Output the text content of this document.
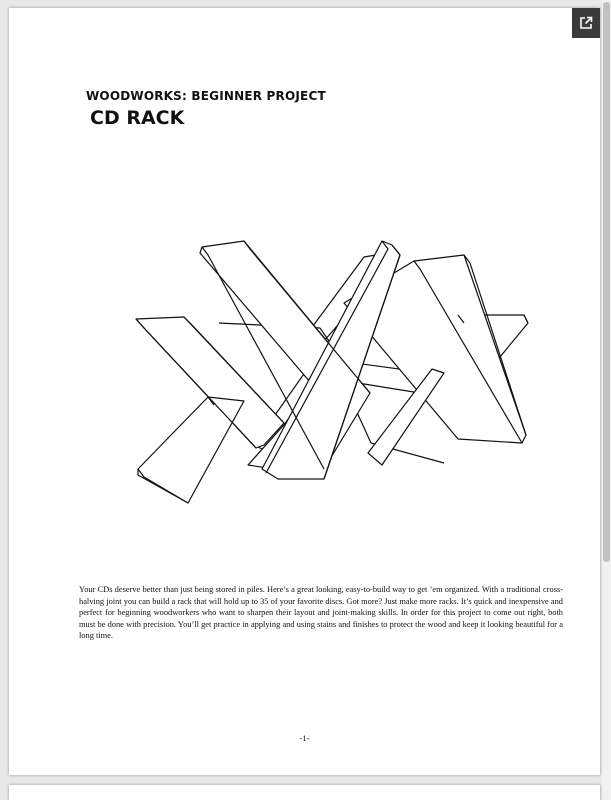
WOODWORKS: BEGINNER PROJECT
CD RACK

Your CDs deserve better than just being stored in piles. Here’s a great looking, easy-to-build way to get ’em organized. With a traditional cross-halving joint you can build a rack that will hold up to 35 of your favorite discs. Got more? Just make more racks. It’s quick and inexpensive and perfect for beginning woodworkers who want to sharpen their layout and joint-making skills. In order for this project to come out right, both must be done with precision. You’ll get practice in applying and using stains and finishes to protect the wood and keep it looking beautiful for a long time.

-1-
